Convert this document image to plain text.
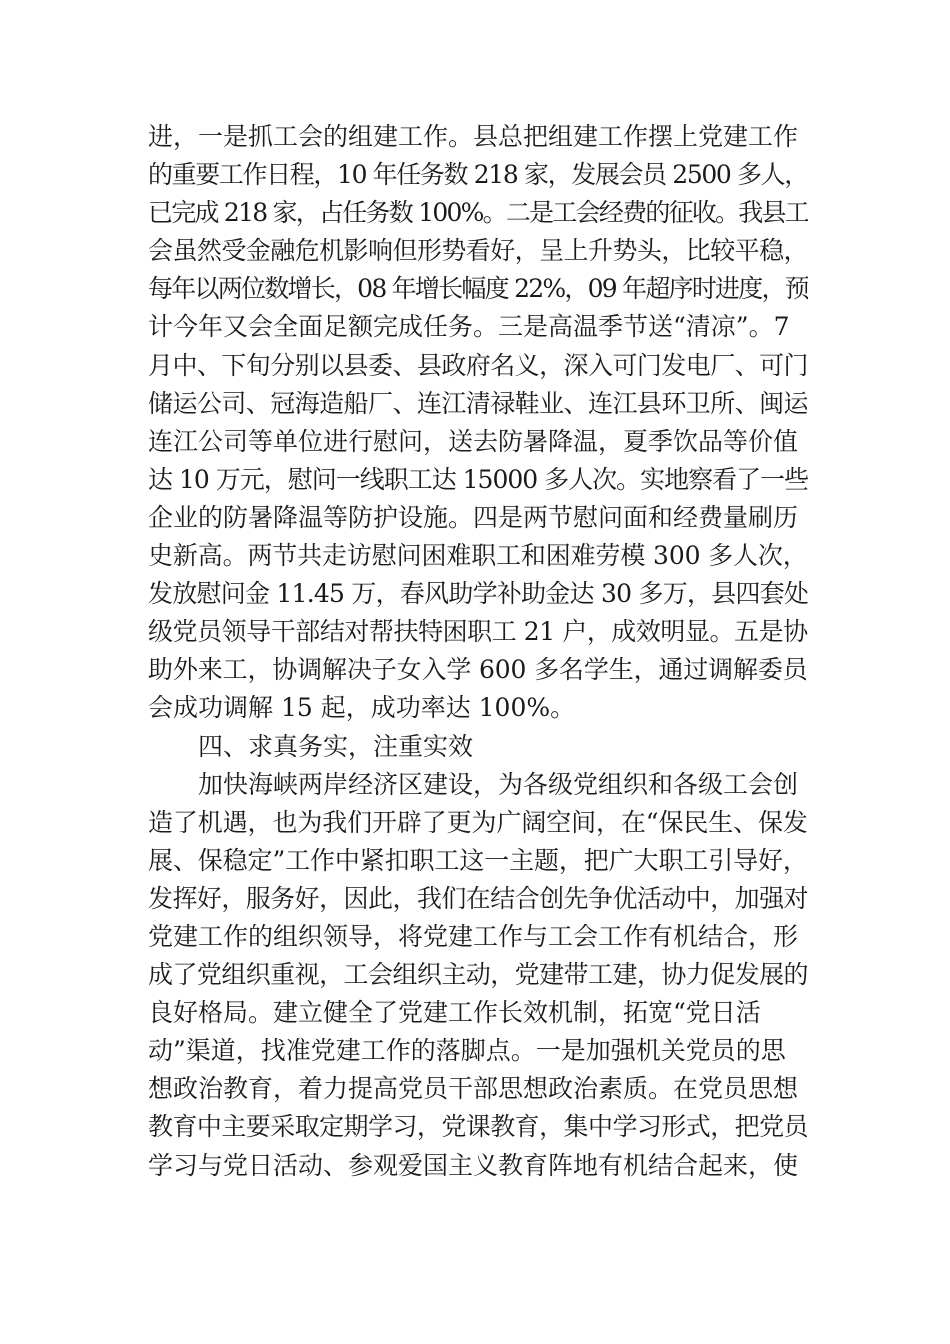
进，一是抓工会的组建工作。县总把组建工作摆上党建工作
的重要工作日程，10 年任务数 218 家，发展会员 2500 多人，
已完成 218 家，占任务数 100%。二是工会经费的征收。我县工
会虽然受金融危机影响但形势看好，呈上升势头，比较平稳，
每年以两位数增长，08 年增长幅度 22%，09 年超序时进度，预
计今年又会全面足额完成任务。三是高温季节送“清凉”。7
月中、下旬分别以县委、县政府名义，深入可门发电厂、可门
储运公司、冠海造船厂、连江清禄鞋业、连江县环卫所、闽运
连江公司等单位进行慰问，送去防暑降温，夏季饮品等价值
达 10 万元，慰问一线职工达 15000 多人次。实地察看了一些
企业的防暑降温等防护设施。四是两节慰问面和经费量刷历
史新高。两节共走访慰问困难职工和困难劳模 300 多人次，
发放慰问金 11.45 万，春风助学补助金达 30 多万，县四套处
级党员领导干部结对帮扶特困职工 21 户，成效明显。五是协
助外来工，协调解决子女入学 600 多名学生，通过调解委员
会成功调解 15 起，成功率达 100%。
四、求真务实，注重实效
加快海峡两岸经济区建设，为各级党组织和各级工会创
造了机遇，也为我们开辟了更为广阔空间，在“保民生、保发
展、保稳定”工作中紧扣职工这一主题，把广大职工引导好，
发挥好，服务好，因此，我们在结合创先争优活动中，加强对
党建工作的组织领导，将党建工作与工会工作有机结合，形
成了党组织重视，工会组织主动，党建带工建，协力促发展的
良好格局。建立健全了党建工作长效机制，拓宽“党日活
动”渠道，找准党建工作的落脚点。一是加强机关党员的思
想政治教育，着力提高党员干部思想政治素质。在党员思想
教育中主要采取定期学习，党课教育，集中学习形式，把党员
学习与党日活动、参观爱国主义教育阵地有机结合起来，使
